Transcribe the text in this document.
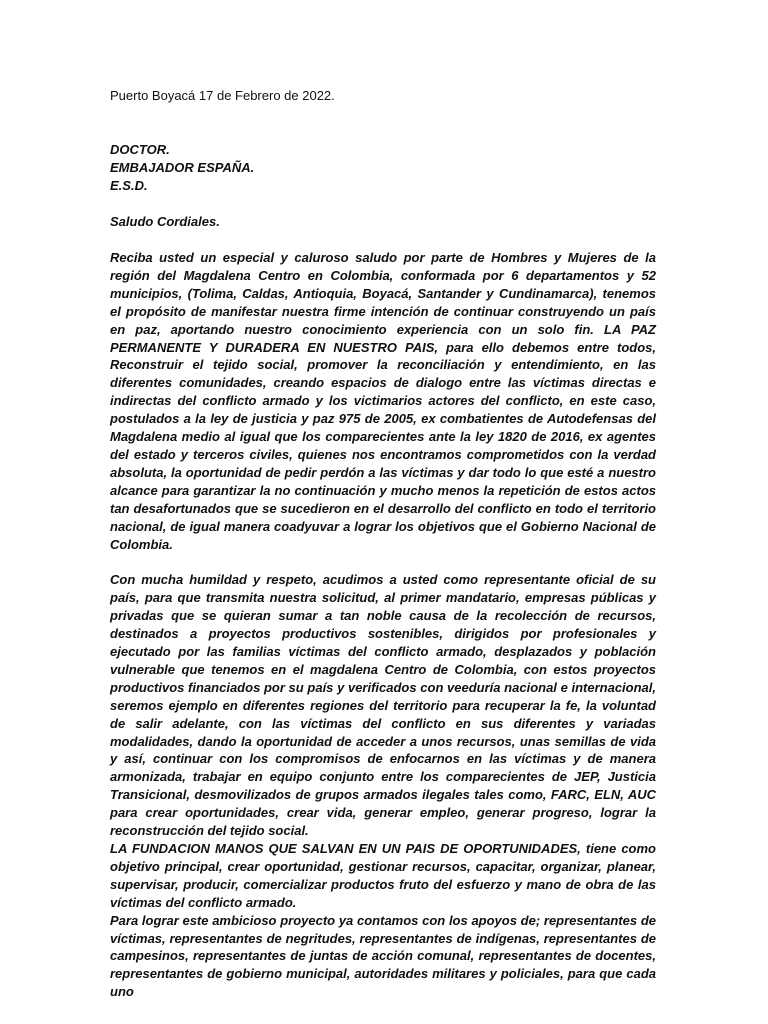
Puerto Boyacá 17 de Febrero de 2022.
DOCTOR.
EMBAJADOR ESPAÑA.
E.S.D.
Saludo Cordiales.
Reciba usted un especial y caluroso saludo por parte de Hombres y Mujeres de la región del Magdalena Centro en Colombia, conformada por 6 departamentos y 52 municipios, (Tolima, Caldas, Antioquia, Boyacá, Santander y Cundinamarca), tenemos el propósito de manifestar nuestra firme intención de continuar construyendo un país en paz, aportando nuestro conocimiento experiencia con un solo fin. LA PAZ PERMANENTE Y DURADERA EN NUESTRO PAIS, para ello debemos entre todos, Reconstruir el tejido social, promover la reconciliación y entendimiento, en las diferentes comunidades, creando espacios de dialogo entre las víctimas directas e indirectas del conflicto armado y los victimarios actores del conflicto, en este caso, postulados a la ley de justicia y paz 975 de 2005, ex combatientes de Autodefensas del Magdalena medio al igual que los comparecientes ante la ley 1820 de 2016, ex agentes del estado y terceros civiles, quienes nos encontramos comprometidos con la verdad absoluta, la oportunidad de pedir perdón a las víctimas y dar todo lo que esté a nuestro alcance para garantizar la no continuación y mucho menos la repetición de estos actos tan desafortunados que se sucedieron en el desarrollo del conflicto en todo el territorio nacional, de igual manera coadyuvar a lograr los objetivos que el Gobierno Nacional de Colombia.
Con mucha humildad y respeto, acudimos a usted como representante oficial de su país, para que transmita nuestra solicitud, al primer mandatario, empresas públicas y privadas que se quieran sumar a tan noble causa de la recolección de recursos, destinados a proyectos productivos sostenibles, dirigidos por profesionales y ejecutado por las familias víctimas del conflicto armado, desplazados y población vulnerable que tenemos en el magdalena Centro de Colombia, con estos proyectos productivos financiados por su país y verificados con veeduría nacional e internacional, seremos ejemplo en diferentes regiones del territorio para recuperar la fe, la voluntad de salir adelante, con las víctimas del conflicto en sus diferentes y variadas modalidades, dando la oportunidad de acceder a unos recursos, unas semillas de vida y así, continuar con los compromisos de enfocarnos en las víctimas y de manera armonizada, trabajar en equipo conjunto entre los comparecientes de JEP, Justicia Transicional, desmovilizados de grupos armados ilegales tales como, FARC, ELN, AUC para crear oportunidades, crear vida, generar empleo, generar progreso, lograr la reconstrucción del tejido social.
LA FUNDACION MANOS QUE SALVAN EN UN PAIS DE OPORTUNIDADES, tiene como objetivo principal, crear oportunidad, gestionar recursos, capacitar, organizar, planear, supervisar, producir, comercializar productos fruto del esfuerzo y mano de obra de las víctimas del conflicto armado.
Para lograr este ambicioso proyecto ya contamos con los apoyos de; representantes de víctimas, representantes de negritudes, representantes de indígenas, representantes de campesinos, representantes de juntas de acción comunal, representantes de docentes, representantes de gobierno municipal, autoridades militares y policiales, para que cada uno
